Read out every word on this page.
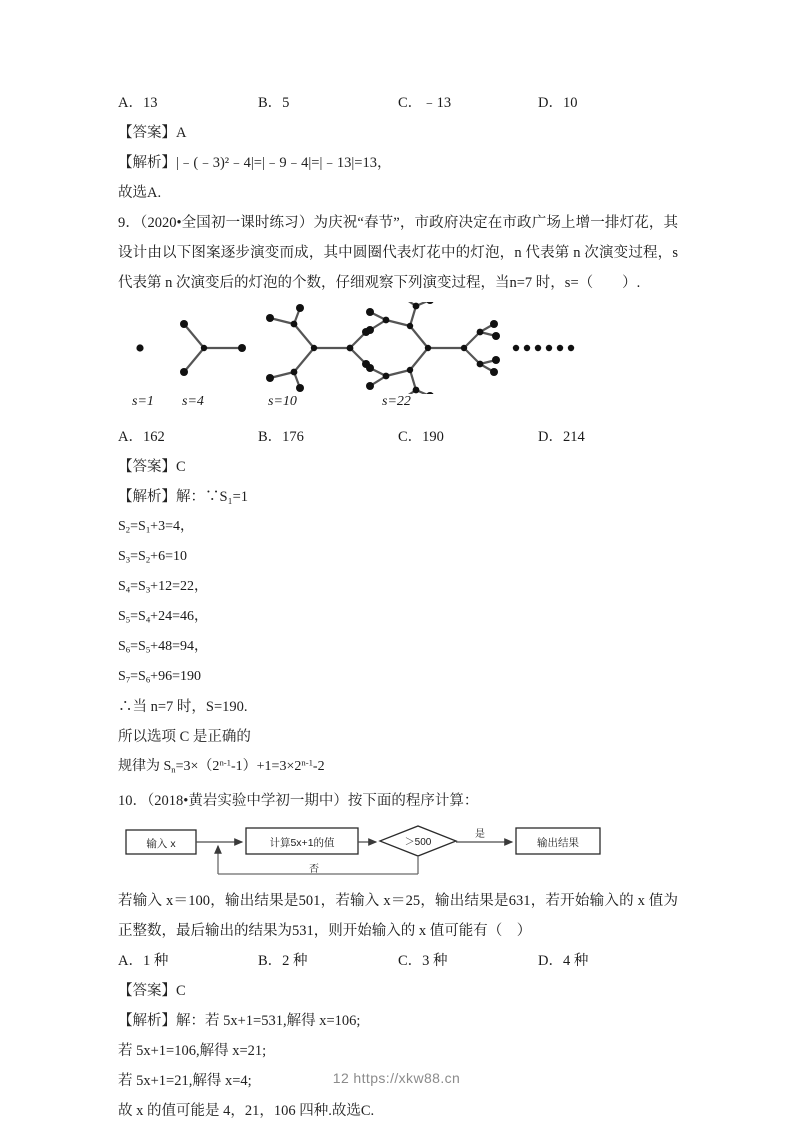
A．13	B．5	C．﹣13	D．10
【答案】A
【解析】|﹣(﹣3)²﹣4|=|﹣9﹣4|=|﹣13|=13，
故选A.
9．（2020•全国初一课时练习）为庆祝“春节”，市政府决定在市政广场上增一排灯花，其设计由以下图案逐步演变而成，其中圆圈代表灯花中的灯泡，n 代表第 n 次演变过程，s 代表第 n 次演变后的灯泡的个数，仔细观察下列演变过程，当n=7 时，s=（　　）.
s=1 s=4	s=10	s=22
A．162	B．176	C．190	D．214
【答案】C
【解析】解：∵S₁=1
$S_2=S_1+3=4$，
$S_3=S_2+6=10$
$S_4=S_3+12=22$，
$S_5=S_4+24=46$，
$S_6=S_5+48=94$，
$S_7=S_6+96=190$
∴当 n=7 时，S=190.
所以选项 C 是正确的
规律为 $S_n=3\times(2^{n-1}-1)+1=3\times 2^{n-1}-2$
10．（2018•黄岩实验中学初一期中）按下面的程序计算：
输入 x	计算5x+1的值	＞500
是
否
输出结果
若输入 x＝100，输出结果是501，若输入 x＝25，输出结果是631，若开始输入的 x 值为正整数，最后输出的结果为531，则开始输入的 x 值可能有（　）
A．1 种	B．2 种	C．3 种	D．4 种
【答案】C
【解析】解：若 5x+1=531,解得 x=106;
若 5x+1=106,解得 x=21;
若 5x+1=21,解得 x=4;
故 x 的值可能是 4，21，106 四种.故选C.
12 https://xkw88.cn
